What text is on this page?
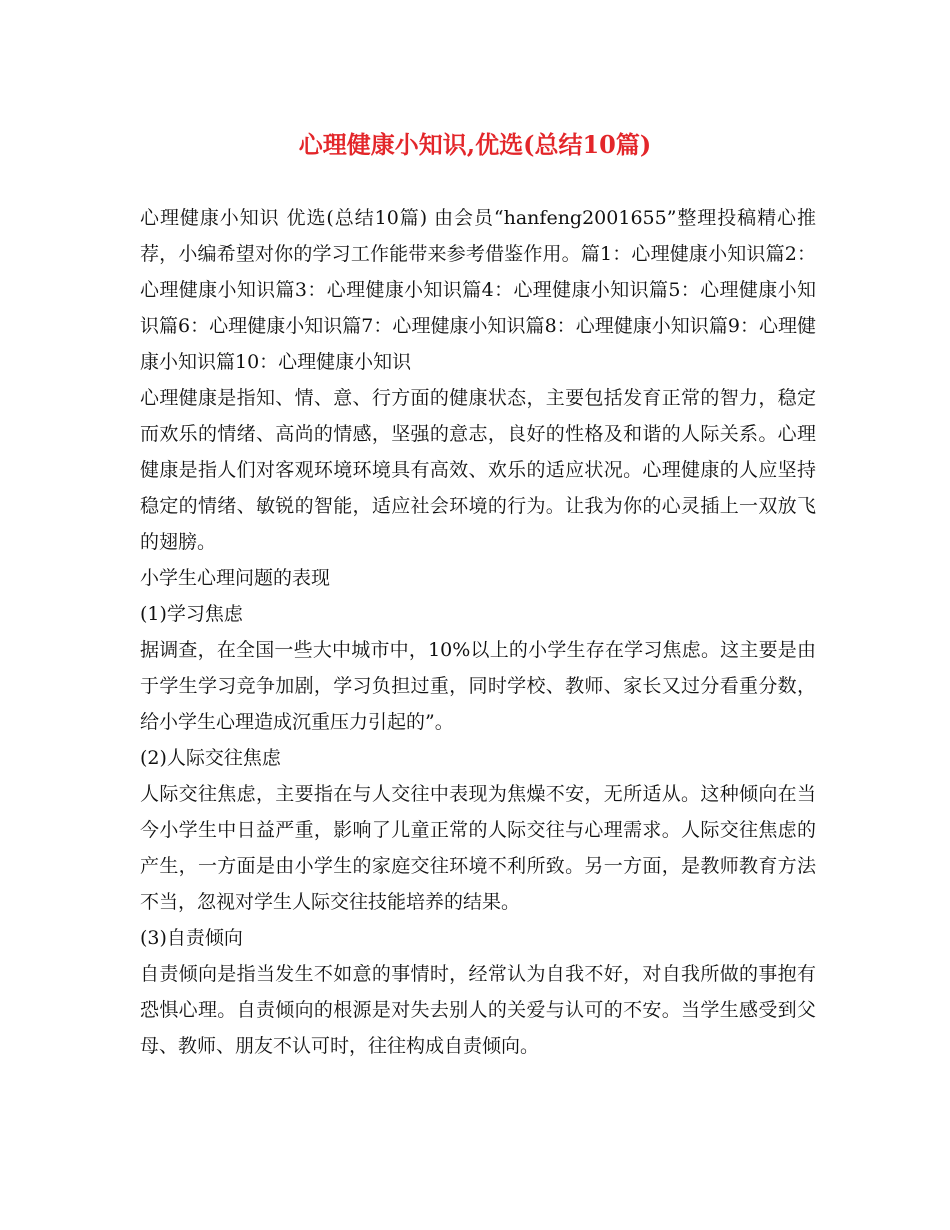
心理健康小知识,优选(总结10篇)

心理健康小知识 优选(总结10篇) 由会员“hanfeng2001655”整理投稿精心推荐，小编希望对你的学习工作能带来参考借鉴作用。篇1：心理健康小知识篇2：心理健康小知识篇3：心理健康小知识篇4：心理健康小知识篇5：心理健康小知识篇6：心理健康小知识篇7：心理健康小知识篇8：心理健康小知识篇9：心理健康小知识篇10：心理健康小知识

心理健康是指知、情、意、行方面的健康状态，主要包括发育正常的智力，稳定而欢乐的情绪、高尚的情感，坚强的意志，良好的性格及和谐的人际关系。心理健康是指人们对客观环境环境具有高效、欢乐的适应状况。心理健康的人应坚持稳定的情绪、敏锐的智能，适应社会环境的行为。让我为你的心灵插上一双放飞的翅膀。

小学生心理问题的表现

(1)学习焦虑

据调查，在全国一些大中城市中，10%以上的小学生存在学习焦虑。这主要是由于学生学习竞争加剧，学习负担过重，同时学校、教师、家长又过分看重分数，给小学生心理造成沉重压力引起的”。

(2)人际交往焦虑

人际交往焦虑，主要指在与人交往中表现为焦燥不安，无所适从。这种倾向在当今小学生中日益严重，影响了儿童正常的人际交往与心理需求。人际交往焦虑的产生，一方面是由小学生的家庭交往环境不利所致。另一方面，是教师教育方法不当，忽视对学生人际交往技能培养的结果。

(3)自责倾向

自责倾向是指当发生不如意的事情时，经常认为自我不好，对自我所做的事抱有恐惧心理。自责倾向的根源是对失去别人的关爱与认可的不安。当学生感受到父母、教师、朋友不认可时，往往构成自责倾向。
